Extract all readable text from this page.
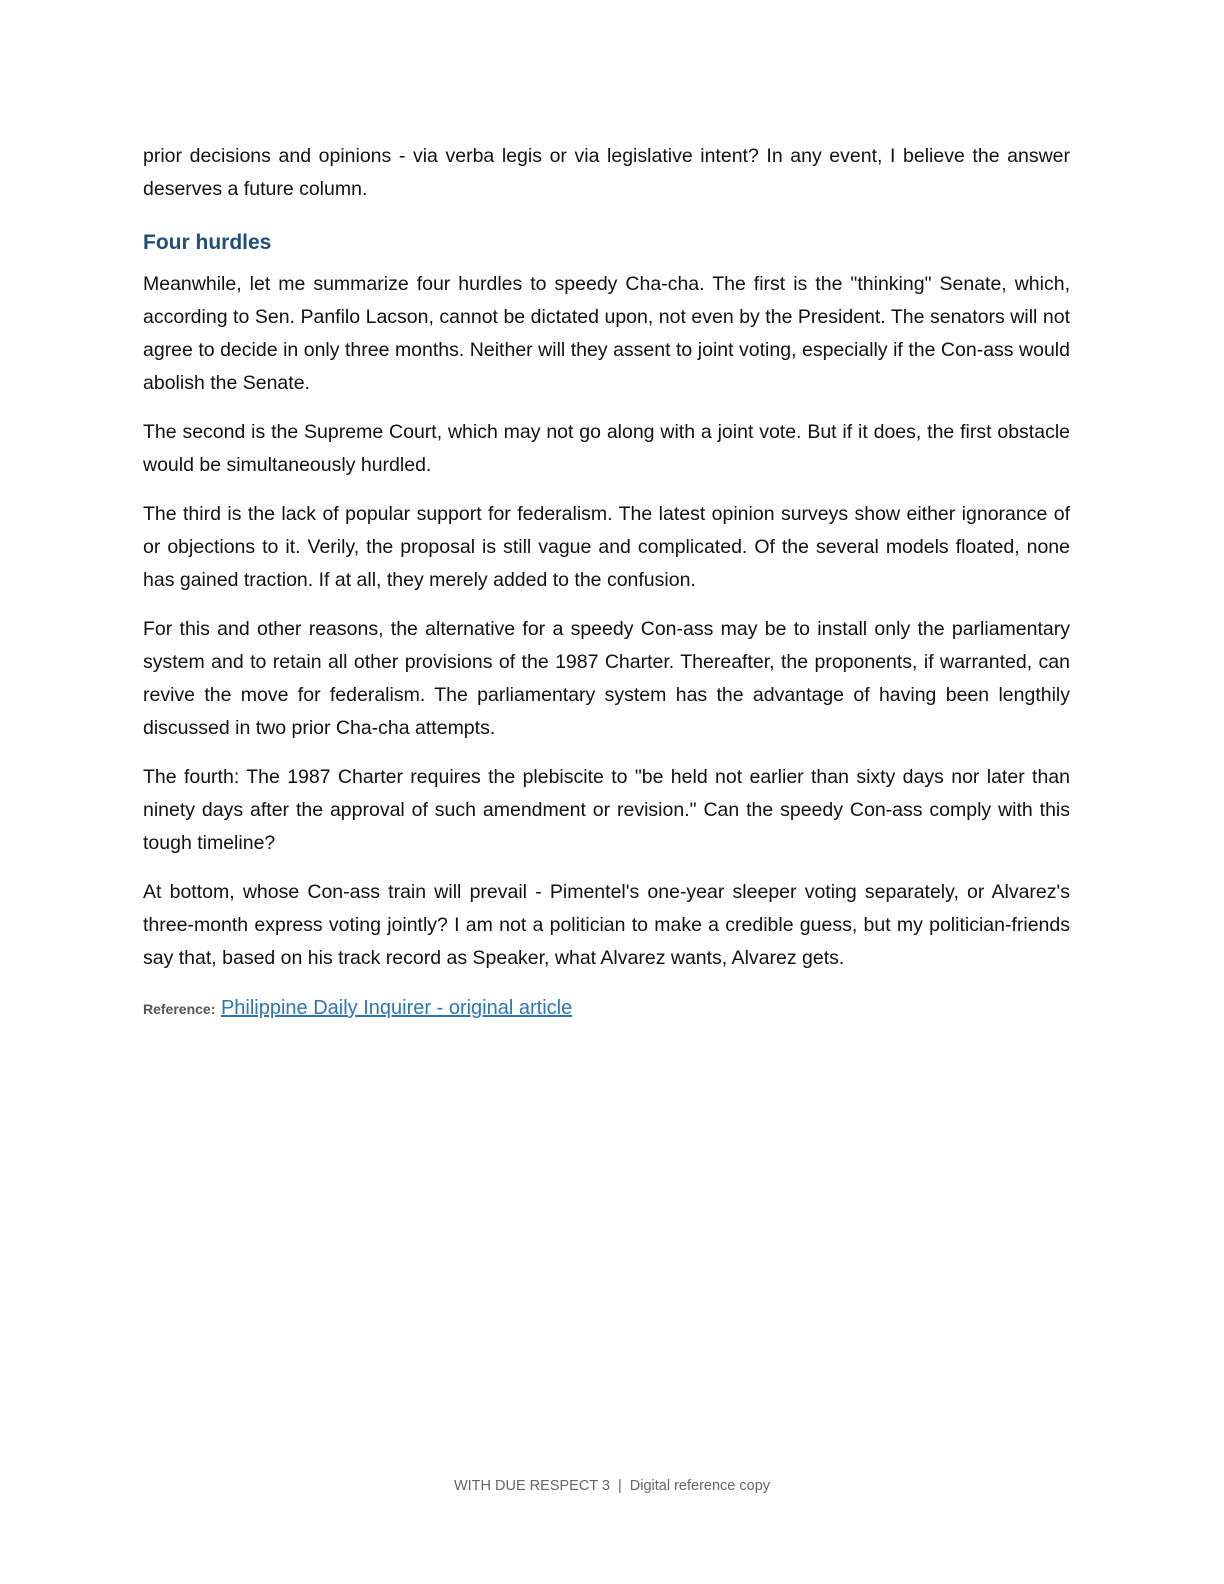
prior decisions and opinions - via verba legis or via legislative intent? In any event, I believe the answer deserves a future column.

Four hurdles

Meanwhile, let me summarize four hurdles to speedy Cha-cha. The first is the "thinking" Senate, which, according to Sen. Panfilo Lacson, cannot be dictated upon, not even by the President. The senators will not agree to decide in only three months. Neither will they assent to joint voting, especially if the Con-ass would abolish the Senate.

The second is the Supreme Court, which may not go along with a joint vote. But if it does, the first obstacle would be simultaneously hurdled.

The third is the lack of popular support for federalism. The latest opinion surveys show either ignorance of or objections to it. Verily, the proposal is still vague and complicated. Of the several models floated, none has gained traction. If at all, they merely added to the confusion.

For this and other reasons, the alternative for a speedy Con-ass may be to install only the parliamentary system and to retain all other provisions of the 1987 Charter. Thereafter, the proponents, if warranted, can revive the move for federalism. The parliamentary system has the advantage of having been lengthily discussed in two prior Cha-cha attempts.

The fourth: The 1987 Charter requires the plebiscite to "be held not earlier than sixty days nor later than ninety days after the approval of such amendment or revision." Can the speedy Con-ass comply with this tough timeline?

At bottom, whose Con-ass train will prevail - Pimentel's one-year sleeper voting separately, or Alvarez's three-month express voting jointly? I am not a politician to make a credible guess, but my politician-friends say that, based on his track record as Speaker, what Alvarez wants, Alvarez gets.

Reference: Philippine Daily Inquirer - original article
WITH DUE RESPECT 3 | Digital reference copy
